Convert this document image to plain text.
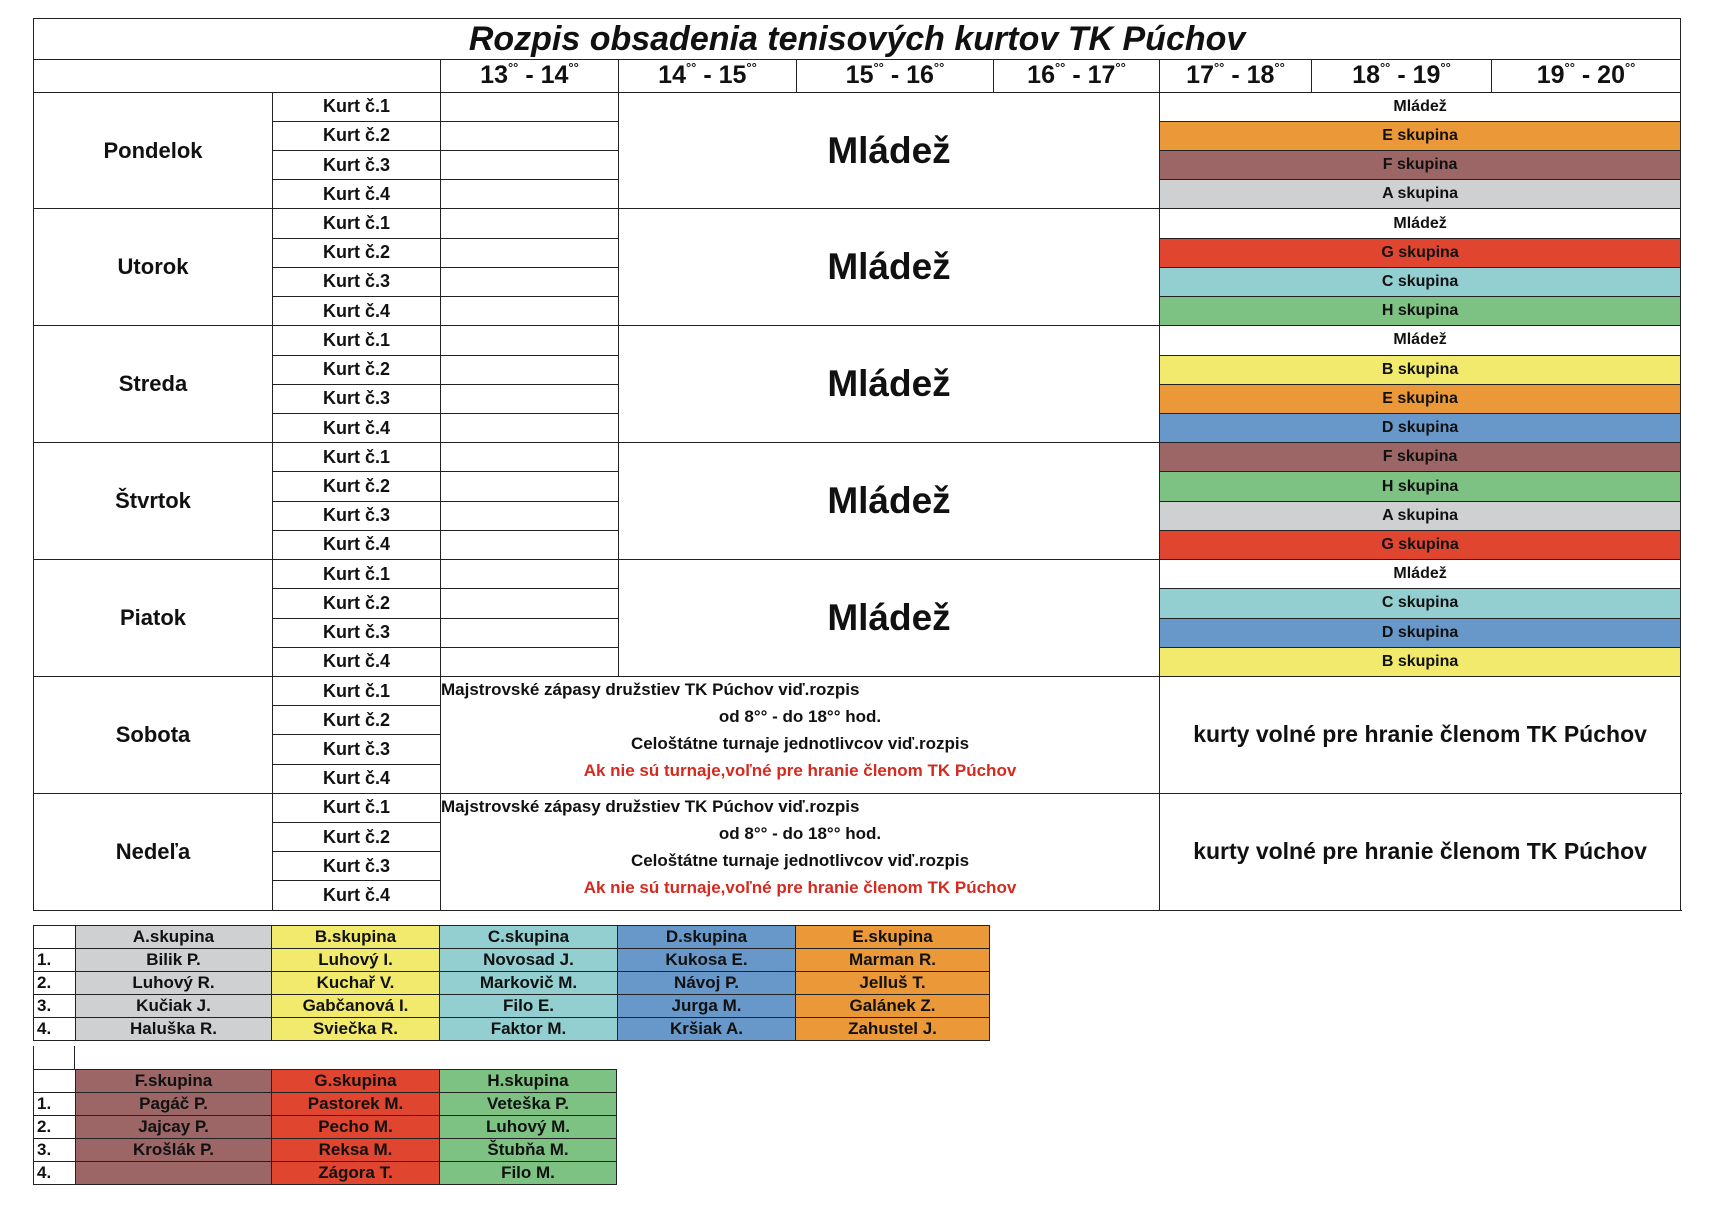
Rozpis obsadenia tenisových kurtov TK Púchov								
		13°° - 14°°	14°° - 15°°	15°° - 16°°	16°° - 17°°	17°° - 18°°	18°° - 19°°	19°° - 20°°
Pondelok	Kurt č.1		Mládež			Mládež		
	Kurt č.2					E skupina		
	Kurt č.3					F skupina		
	Kurt č.4					A skupina		
Utorok	Kurt č.1		Mládež			Mládež		
	Kurt č.2					G skupina		
	Kurt č.3					C skupina		
	Kurt č.4					H skupina		
Streda	Kurt č.1		Mládež			Mládež		
	Kurt č.2					B skupina		
	Kurt č.3					E skupina		
	Kurt č.4					D skupina		
Štvrtok	Kurt č.1		Mládež			F skupina		
	Kurt č.2					H skupina		
	Kurt č.3					A skupina		
	Kurt č.4					G skupina		
Piatok	Kurt č.1		Mládež			Mládež		
	Kurt č.2					C skupina		
	Kurt č.3					D skupina		
	Kurt č.4					B skupina		
Sobota	Kurt č.1	Majstrovské zápasy družstiev TK Púchov viď.rozpis
od 8°° - do 18°° hod.
Celoštátne turnaje jednotlivcov viď.rozpis
Ak nie sú turnaje,voľné pre hranie členom TK Púchov				kurty volné pre hranie členom TK Púchov		
	Kurt č.2							
	Kurt č.3							
	Kurt č.4							
Nedeľa	Kurt č.1	Majstrovské zápasy družstiev TK Púchov viď.rozpis
od 8°° - do 18°° hod.
Celoštátne turnaje jednotlivcov viď.rozpis
Ak nie sú turnaje,voľné pre hranie členom TK Púchov				kurty volné pre hranie členom TK Púchov		
	Kurt č.2							
	Kurt č.3							
	Kurt č.4							
	A.skupina	B.skupina	C.skupina	D.skupina	E.skupina
1.	Bilik P.	Luhový I.	Novosad J.	Kukosa E.	Marman R.
2.	Luhový R.	Kuchař V.	Markovič M.	Návoj P.	Jelluš T.
3.	Kučiak J.	Gabčanová I.	Filo E.	Jurga M.	Galánek Z.
4.	Haluška R.	Sviečka R.	Faktor M.	Kršiak A.	Zahustel J.
	F.skupina	G.skupina	H.skupina
1.	Pagáč P.	Pastorek M.	Veteška P.
2.	Jajcay P.	Pecho M.	Luhový M.
3.	Krošlák P.	Reksa M.	Štubňa M.
4.		Zágora T.	Filo M.
